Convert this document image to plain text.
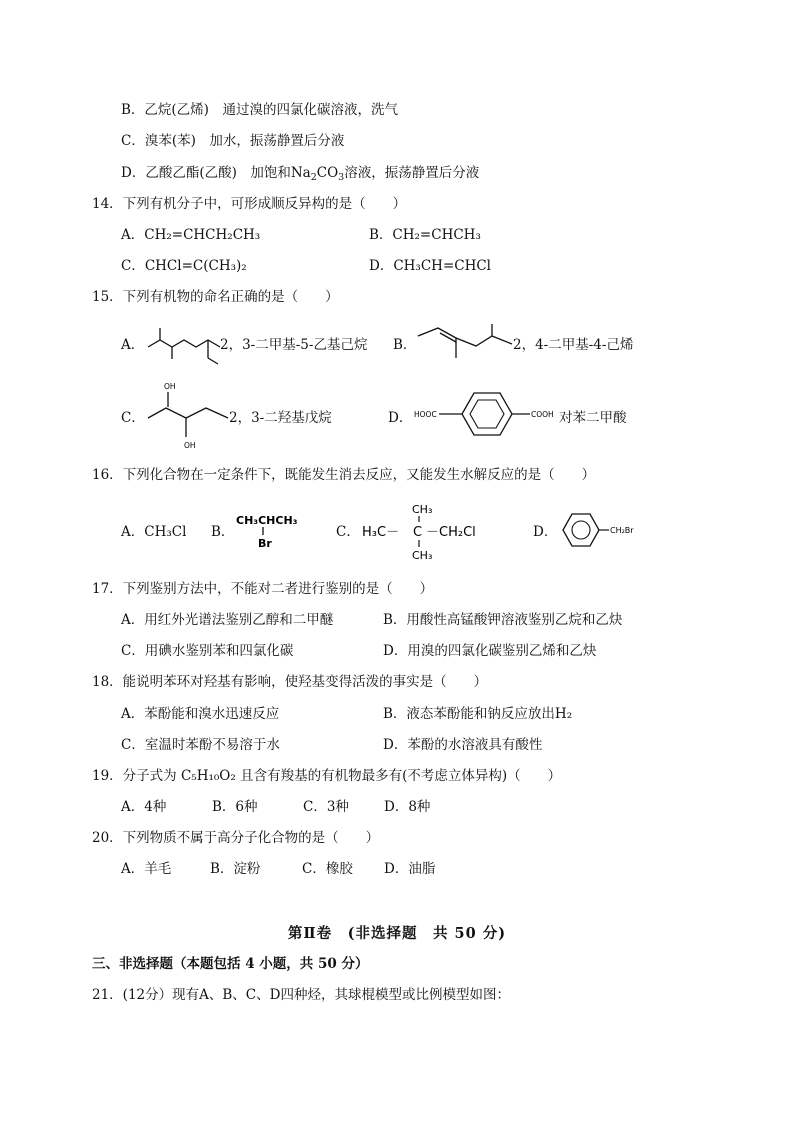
B．乙烷(乙烯)　通过溴的四氯化碳溶液，洗气
C．溴苯(苯)　加水，振荡静置后分液
D．乙酸乙酯(乙酸)　加饱和$Na_2CO_3$溶液，振荡静置后分液
14．下列有机分子中，可形成顺反异构的是（　　）
A．CH₂=CHCH₂CH₃	B．CH₂=CHCH₃
C．CHCl=C(CH₃)₂	D．CH₃CH=CHCl
15．下列有机物的命名正确的是（　　）
A．	2，3-二甲基-5-乙基己烷 B．	2，4-二甲基-4-己烯
C．
OH
OH
2，3-二羟基戊烷	D． HOOC	COOH 对苯二甲酸
16．下列化合物在一定条件下，既能发生消去反应，又能发生水解反应的是（　　）
A．CH₃Cl B．
CH₃CHCH₃
Br
C．
CH₃
H₃C－ C －CH₂Cl
CH₃
D．	CH₂Br
17．下列鉴别方法中，不能对二者进行鉴别的是（　　）
A．用红外光谱法鉴别乙醇和二甲醚	B．用酸性高锰酸钾溶液鉴别乙烷和乙炔
C．用碘水鉴别苯和四氯化碳	D．用溴的四氯化碳鉴别乙烯和乙炔
18．能说明苯环对羟基有影响，使羟基变得活泼的事实是（　　）
A．苯酚能和溴水迅速反应	B．液态苯酚能和钠反应放出H₂
C．室温时苯酚不易溶于水	D．苯酚的水溶液具有酸性
19．分子式为 C₅H₁₀O₂ 且含有羧基的有机物最多有(不考虑立体异构)（　　）
A．4种	B．6种	C．3种	D．8种
20．下列物质不属于高分子化合物的是（　　）
A．羊毛	B．淀粉	C．橡胶 D．油脂
第Ⅱ卷　(非选择题　共 50 分)
三、非选择题（本题包括 4 小题，共 50 分）
21．(12分）现有A、B、C、D四种烃，其球棍模型或比例模型如图：
